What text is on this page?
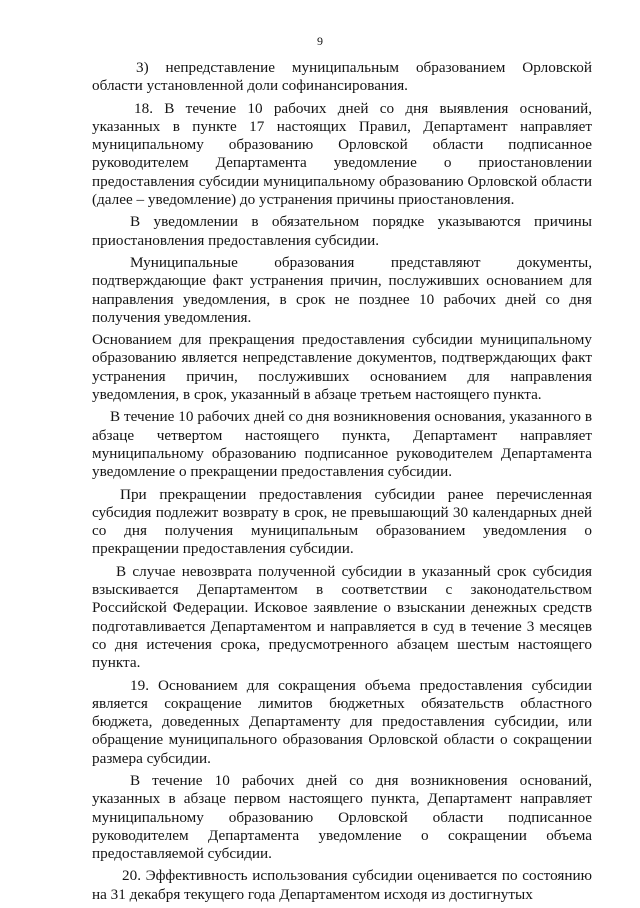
9

3) непредставление муниципальным образованием Орловской области установленной доли софинансирования.

18. В течение 10 рабочих дней со дня выявления оснований, указанных в пункте 17 настоящих Правил, Департамент направляет муниципальному образованию Орловской области подписанное руководителем Департамента уведомление о приостановлении предоставления субсидии муниципальному образованию Орловской области (далее – уведомление) до устранения причины приостановления.

В уведомлении в обязательном порядке указываются причины приостановления предоставления субсидии.

Муниципальные образования представляют документы, подтверждающие факт устранения причин, послуживших основанием для направления уведомления, в срок не позднее 10 рабочих дней со дня получения уведомления.

Основанием для прекращения предоставления субсидии муниципальному образованию является непредставление документов, подтверждающих факт устранения причин, послуживших основанием для направления уведомления, в срок, указанный в абзаце третьем настоящего пункта.

В течение 10 рабочих дней со дня возникновения основания, указанного в абзаце четвертом настоящего пункта, Департамент направляет муниципальному образованию подписанное руководителем Департамента уведомление о прекращении предоставления субсидии.

При прекращении предоставления субсидии ранее перечисленная субсидия подлежит возврату в срок, не превышающий 30 календарных дней со дня получения муниципальным образованием уведомления о прекращении предоставления субсидии.

В случае невозврата полученной субсидии в указанный срок субсидия взыскивается Департаментом в соответствии с законодательством Российской Федерации. Исковое заявление о взыскании денежных средств подготавливается Департаментом и направляется в суд в течение 3 месяцев со дня истечения срока, предусмотренного абзацем шестым настоящего пункта.

19. Основанием для сокращения объема предоставления субсидии является сокращение лимитов бюджетных обязательств областного бюджета, доведенных Департаменту для предоставления субсидии, или обращение муниципального образования Орловской области о сокращении размера субсидии.

В течение 10 рабочих дней со дня возникновения оснований, указанных в абзаце первом настоящего пункта, Департамент направляет муниципальному образованию Орловской области подписанное руководителем Департамента уведомление о сокращении объема предоставляемой субсидии.

20. Эффективность использования субсидии оценивается по состоянию на 31 декабря текущего года Департаментом исходя из достигнутых
